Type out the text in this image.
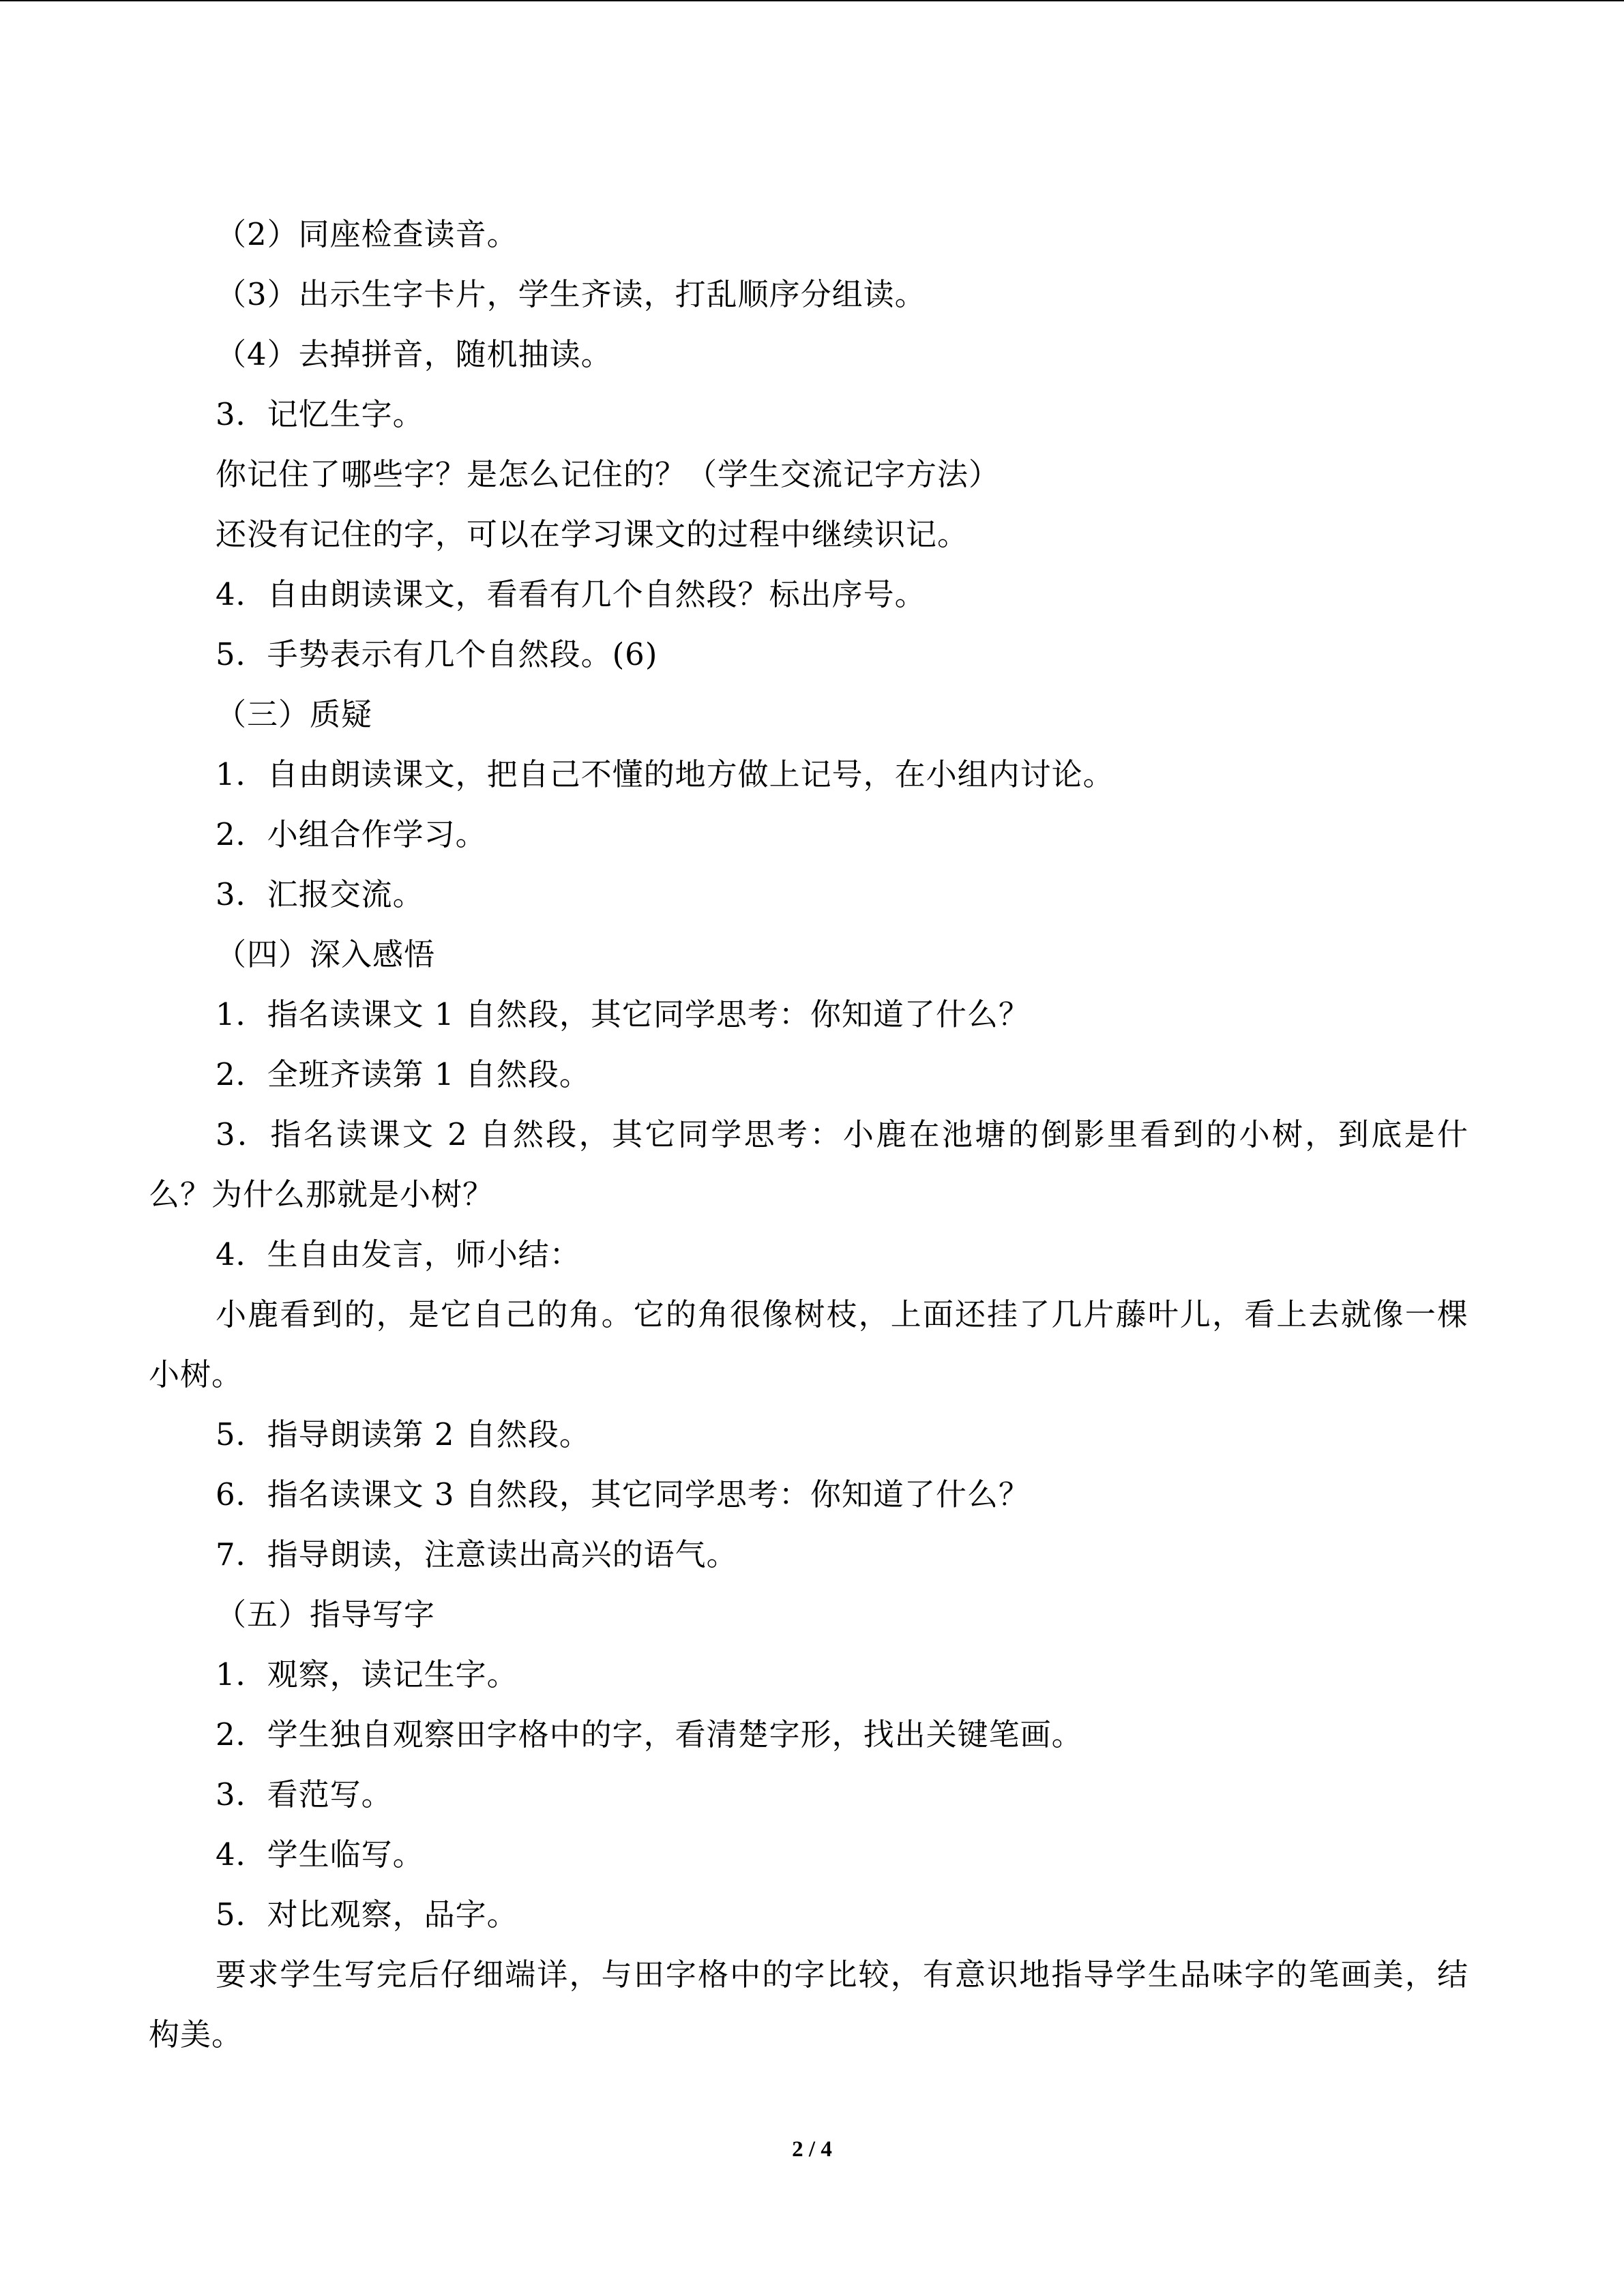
（2）同座检查读音。

（3）出示生字卡片，学生齐读，打乱顺序分组读。

（4）去掉拼音，随机抽读。

3．记忆生字。

你记住了哪些字？是怎么记住的？（学生交流记字方法）

还没有记住的字，可以在学习课文的过程中继续识记。

4．自由朗读课文，看看有几个自然段？标出序号。

5．手势表示有几个自然段。(6)

（三）质疑

1．自由朗读课文，把自己不懂的地方做上记号，在小组内讨论。

2．小组合作学习。

3．汇报交流。

（四）深入感悟

1．指名读课文 1 自然段，其它同学思考：你知道了什么？

2．全班齐读第 1 自然段。

3．指名读课文 2 自然段，其它同学思考：小鹿在池塘的倒影里看到的小树，到底是什么？为什么那就是小树？

4．生自由发言，师小结：

小鹿看到的，是它自己的角。它的角很像树枝，上面还挂了几片藤叶儿，看上去就像一棵小树。

5．指导朗读第 2 自然段。

6．指名读课文 3 自然段，其它同学思考：你知道了什么？

7．指导朗读，注意读出高兴的语气。

（五）指导写字

1．观察，读记生字。

2．学生独自观察田字格中的字，看清楚字形，找出关键笔画。

3．看范写。

4．学生临写。

5．对比观察，品字。

要求学生写完后仔细端详，与田字格中的字比较，有意识地指导学生品味字的笔画美，结构美。

2 / 4
